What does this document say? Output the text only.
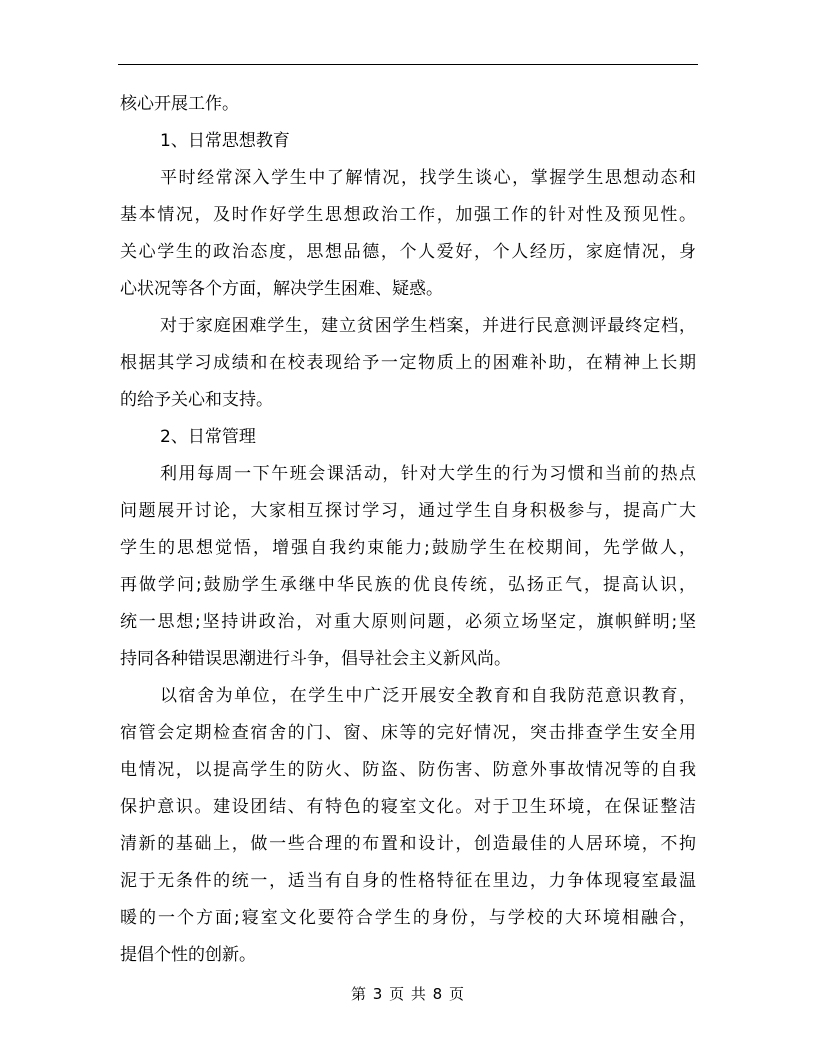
核心开展工作。
1、日常思想教育
平时经常深入学生中了解情况，找学生谈心，掌握学生思想动态和
基本情况，及时作好学生思想政治工作，加强工作的针对性及预见性。
关心学生的政治态度，思想品德，个人爱好，个人经历，家庭情况，身
心状况等各个方面，解决学生困难、疑惑。
对于家庭困难学生，建立贫困学生档案，并进行民意测评最终定档，
根据其学习成绩和在校表现给予一定物质上的困难补助，在精神上长期
的给予关心和支持。
2、日常管理
利用每周一下午班会课活动，针对大学生的行为习惯和当前的热点
问题展开讨论，大家相互探讨学习，通过学生自身积极参与，提高广大
学生的思想觉悟，增强自我约束能力;鼓励学生在校期间，先学做人，
再做学问;鼓励学生承继中华民族的优良传统，弘扬正气，提高认识，
统一思想;坚持讲政治，对重大原则问题，必须立场坚定，旗帜鲜明;坚
持同各种错误思潮进行斗争，倡导社会主义新风尚。
以宿舍为单位，在学生中广泛开展安全教育和自我防范意识教育，
宿管会定期检查宿舍的门、窗、床等的完好情况，突击排查学生安全用
电情况，以提高学生的防火、防盗、防伤害、防意外事故情况等的自我
保护意识。建设团结、有特色的寝室文化。对于卫生环境，在保证整洁
清新的基础上，做一些合理的布置和设计，创造最佳的人居环境，不拘
泥于无条件的统一，适当有自身的性格特征在里边，力争体现寝室最温
暖的一个方面;寝室文化要符合学生的身份，与学校的大环境相融合，
提倡个性的创新。
第 3 页 共 8 页
